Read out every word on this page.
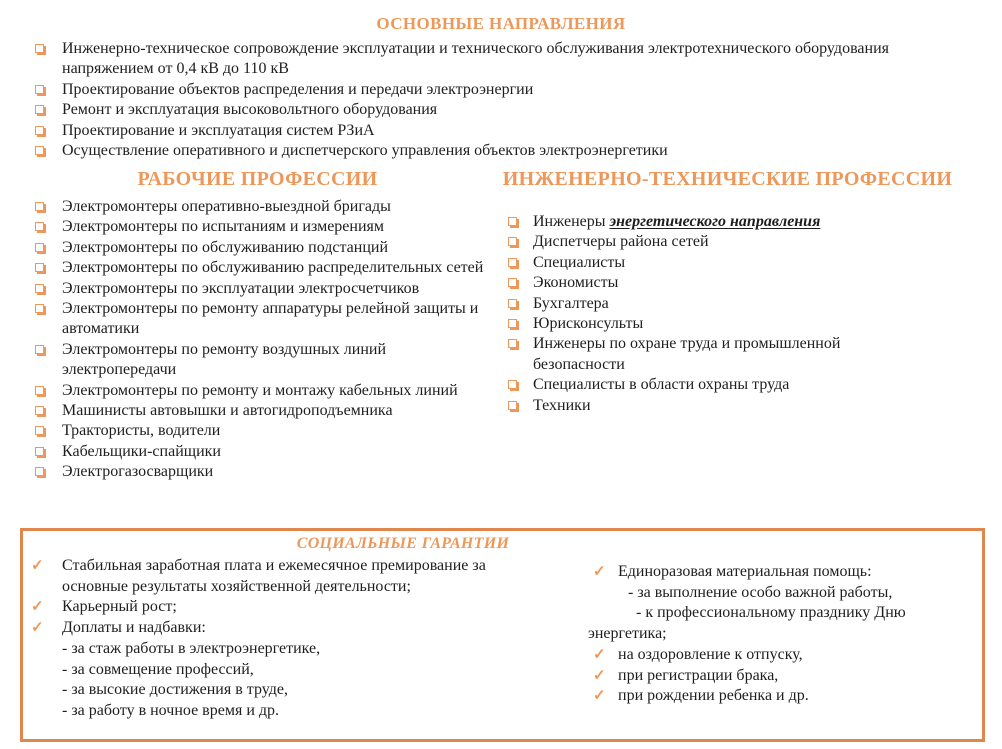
ОСНОВНЫЕ НАПРАВЛЕНИЯ
Инженерно-техническое сопровождение эксплуатации и технического обслуживания электротехнического оборудования напряжением от 0,4 кВ до 110 кВ
Проектирование объектов распределения и передачи электроэнергии
Ремонт и эксплуатация высоковольтного оборудования
Проектирование и эксплуатация систем РЗиА
Осуществление оперативного и диспетчерского управления объектов электроэнергетики
РАБОЧИЕ ПРОФЕССИИ
Электромонтеры оперативно-выездной бригады
Электромонтеры по испытаниям и измерениям
Электромонтеры по обслуживанию подстанций
Электромонтеры по обслуживанию распределительных сетей
Электромонтеры по эксплуатации электросчетчиков
Электромонтеры по ремонту аппаратуры релейной защиты и автоматики
Электромонтеры по ремонту воздушных линий электропередачи
Электромонтеры по ремонту и монтажу кабельных линий
Машинисты автовышки и автогидроподъемника
Трактористы, водители
Кабельщики-спайщики
Электрогазосварщики
ИНЖЕНЕРНО-ТЕХНИЧЕСКИЕ ПРОФЕССИИ
Инженеры энергетического направления
Диспетчеры района сетей
Специалисты
Экономисты
Бухгалтера
Юрисконсульты
Инженеры по охране труда и промышленной безопасности
Специалисты в области охраны труда
Техники
СОЦИАЛЬНЫЕ ГАРАНТИИ
✓ Стабильная заработная плата и ежемесячное премирование за основные результаты хозяйственной деятельности;
✓ Карьерный рост;
✓ Доплаты и надбавки:
- за стаж работы в электроэнергетике,
- за совмещение профессий,
- за высокие достижения в труде,
- за работу в ночное время и др.
✓ Единоразовая материальная помощь:
- за выполнение особо важной работы,
- к профессиональному празднику Дню энергетика;
✓ на оздоровление к отпуску,
✓ при регистрации брака,
✓ при рождении ребенка и др.
